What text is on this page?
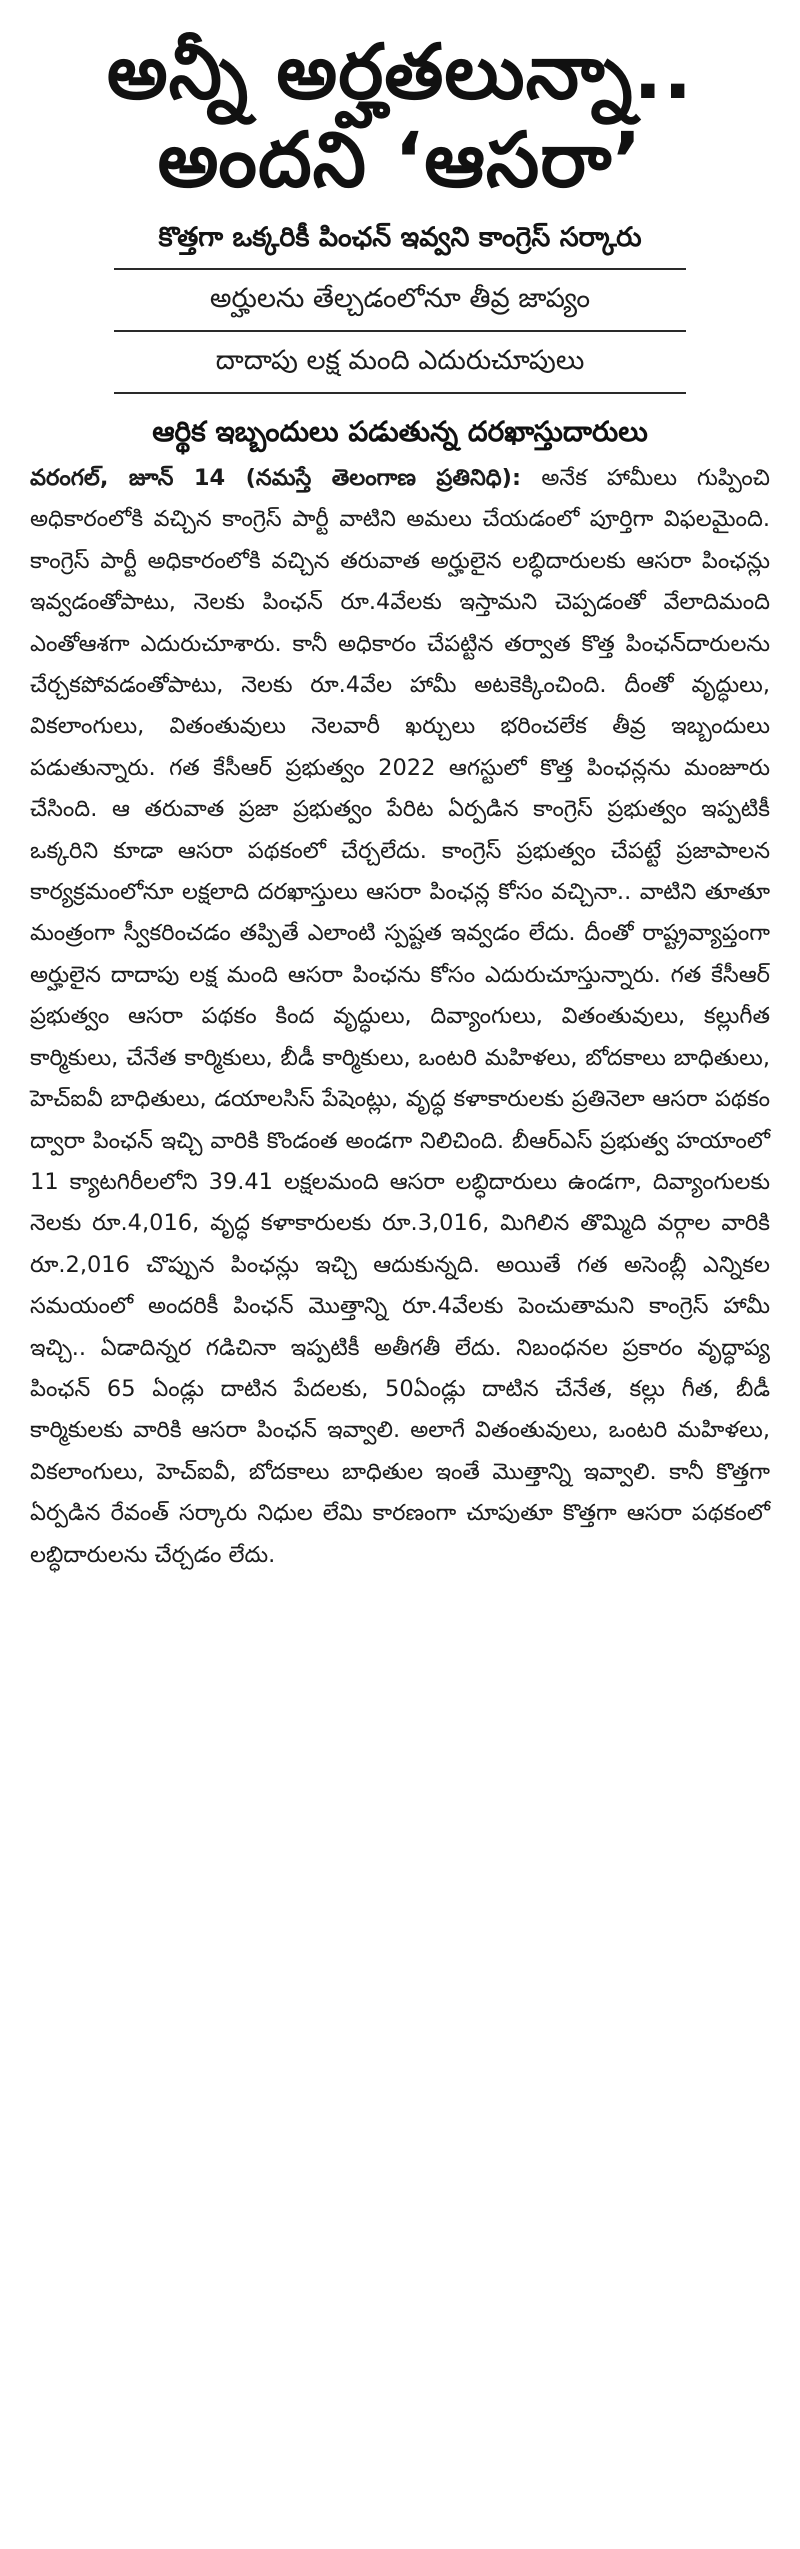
అన్నీ అర్హతలున్నా..
అందని ‘ఆసరా’
కొత్తగా ఒక్కరికీ పింఛన్ ఇవ్వని కాంగ్రెస్ సర్కారు
అర్హులను తేల్చడంలోనూ తీవ్ర జాప్యం
దాదాపు లక్ష మంది ఎదురుచూపులు
ఆర్థిక ఇబ్బందులు పడుతున్న దరఖాస్తుదారులు
వరంగల్, జూన్ 14 (నమస్తే తెలంగాణ ప్రతినిధి): అనేక హామీలు గుప్పించి అధికారంలోకి వచ్చిన కాంగ్రెస్ పార్టీ వాటిని అమలు చేయడంలో పూర్తిగా విఫలమైంది. కాంగ్రెస్ పార్టీ అధికారంలోకి వచ్చిన తరువాత అర్హులైన లబ్ధిదారులకు ఆసరా పింఛన్లు ఇవ్వడంతోపాటు, నెలకు పింఛన్ రూ.4వేలకు ఇస్తామని చెప్పడంతో వేలాదిమంది ఎంతోఆశగా ఎదురుచూశారు. కానీ అధికారం చేపట్టిన తర్వాత కొత్త పింఛన్‌దారులను చేర్చకపోవడంతోపాటు, నెలకు రూ.4వేల హామీ అటకెక్కించింది. దీంతో వృద్ధులు, వికలాంగులు, వితంతువులు నెలవారీ ఖర్చులు భరించలేక తీవ్ర ఇబ్బందులు పడుతున్నారు. గత కేసీఆర్ ప్రభుత్వం 2022 ఆగస్టులో కొత్త పింఛన్లను మంజూరు చేసింది. ఆ తరువాత ప్రజా ప్రభుత్వం పేరిట ఏర్పడిన కాంగ్రెస్ ప్రభుత్వం ఇప్పటికీ ఒక్కరిని కూడా ఆసరా పథకంలో చేర్చలేదు. కాంగ్రెస్ ప్రభుత్వం చేపట్టే ప్రజాపాలన కార్యక్రమంలోనూ లక్షలాది దరఖాస్తులు ఆసరా పింఛన్ల కోసం వచ్చినా.. వాటిని తూతూ మంత్రంగా స్వీకరించడం తప్పితే ఎలాంటి స్పష్టత ఇవ్వడం లేదు. దీంతో రాష్ట్రవ్యాప్తంగా అర్హులైన దాదాపు లక్ష మంది ఆసరా పింఛను కోసం ఎదురుచూస్తున్నారు. గత కేసీఆర్ ప్రభుత్వం ఆసరా పథకం కింద వృద్ధులు, దివ్యాంగులు, వితంతువులు, కల్లుగీత కార్మికులు, చేనేత కార్మికులు, బీడీ కార్మికులు, ఒంటరి మహిళలు, బోదకాలు బాధితులు, హెచ్‌ఐవీ బాధితులు, డయాలసిస్ పేషెంట్లు, వృద్ధ కళాకారులకు ప్రతినెలా ఆసరా పథకం ద్వారా పింఛన్ ఇచ్చి వారికి కొండంత అండగా నిలిచింది. బీఆర్‌ఎస్ ప్రభుత్వ హయాంలో 11 క్యాటగిరీలలోని 39.41 లక్షలమంది ఆసరా లబ్ధిదారులు ఉండగా, దివ్యాంగులకు నెలకు రూ.4,016, వృద్ధ కళాకారులకు రూ.3,016, మిగిలిన తొమ్మిది వర్గాల వారికి రూ.2,016 చొప్పున పింఛన్లు ఇచ్చి ఆదుకున్నది. అయితే గత అసెంబ్లీ ఎన్నికల సమయంలో అందరికీ పింఛన్ మొత్తాన్ని రూ.4వేలకు పెంచుతామని కాంగ్రెస్ హామీ ఇచ్చి.. ఏడాదిన్నర గడిచినా ఇప్పటికీ అతీగతీ లేదు. నిబంధనల ప్రకారం వృద్ధాప్య పింఛన్ 65 ఏండ్లు దాటిన పేదలకు, 50ఏండ్లు దాటిన చేనేత, కల్లు గీత, బీడీ కార్మికులకు వారికి ఆసరా పింఛన్ ఇవ్వాలి. అలాగే వితంతువులు, ఒంటరి మహిళలు, వికలాంగులు, హెచ్‌ఐవీ, బోదకాలు బాధితుల ఇంతే మొత్తాన్ని ఇవ్వాలి. కానీ కొత్తగా ఏర్పడిన రేవంత్ సర్కారు నిధుల లేమి కారణంగా చూపుతూ కొత్తగా ఆసరా పథకంలో లబ్ధిదారులను చేర్చడం లేదు.
